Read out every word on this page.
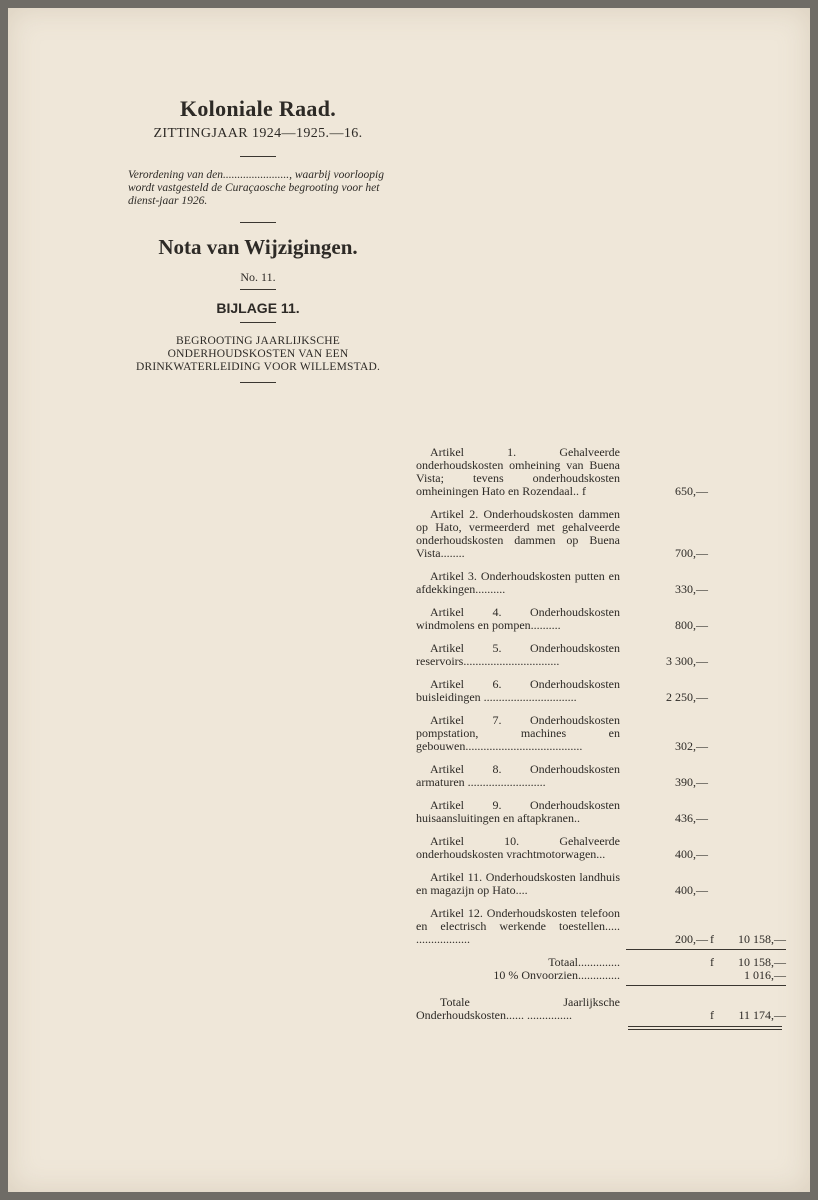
Koloniale Raad.
ZITTINGJAAR 1924—1925.—16.
Verordening van den......................., waarbij voorloopig wordt vastgesteld de Curaçaosche begrooting voor het dienst-jaar 1926.
Nota van Wijzigingen.
No. 11.
BIJLAGE 11.
BEGROOTING JAARLIJKSCHE ONDERHOUDSKOSTEN VAN EEN DRINKWATERLEIDING VOOR WILLEMSTAD.
Artikel 1. Gehalveerde onderhoudskosten omheining van Buena Vista; tevens onderhoudskosten omheiningen Hato en Rozendaal.. f	650,—
Artikel 2. Onderhoudskosten dammen op Hato, vermeerderd met gehalveerde onderhoudskosten dammen op Buena Vista........	700,—
Artikel 3. Onderhoudskosten putten en afdekkingen..........	330,—
Artikel 4. Onderhoudskosten windmolens en pompen..........	800,—
Artikel 5. Onderhoudskosten reservoirs................................	3 300,—
Artikel 6. Onderhoudskosten buisleidingen ...............................	2 250,—
Artikel 7. Onderhoudskosten pompstation, machines en gebouwen.......................................	302,—
Artikel 8. Onderhoudskosten armaturen ..........................	390,—
Artikel 9. Onderhoudskosten huisaansluitingen en aftapkranen..	436,—
Artikel 10. Gehalveerde onderhoudskosten vrachtmotorwagen...	400,—
Artikel 11. Onderhoudskosten landhuis en magazijn op Hato....	400,—
Artikel 12. Onderhoudskosten telefoon en electrisch werkende toestellen..... ..................	200,— f 10 158,—
Totaal..............	f 10 158,—
10 % Onvoorzien..............	1 016,—
Totale Jaarlijksche Onderhoudskosten...... ...............	f 11 174,—
